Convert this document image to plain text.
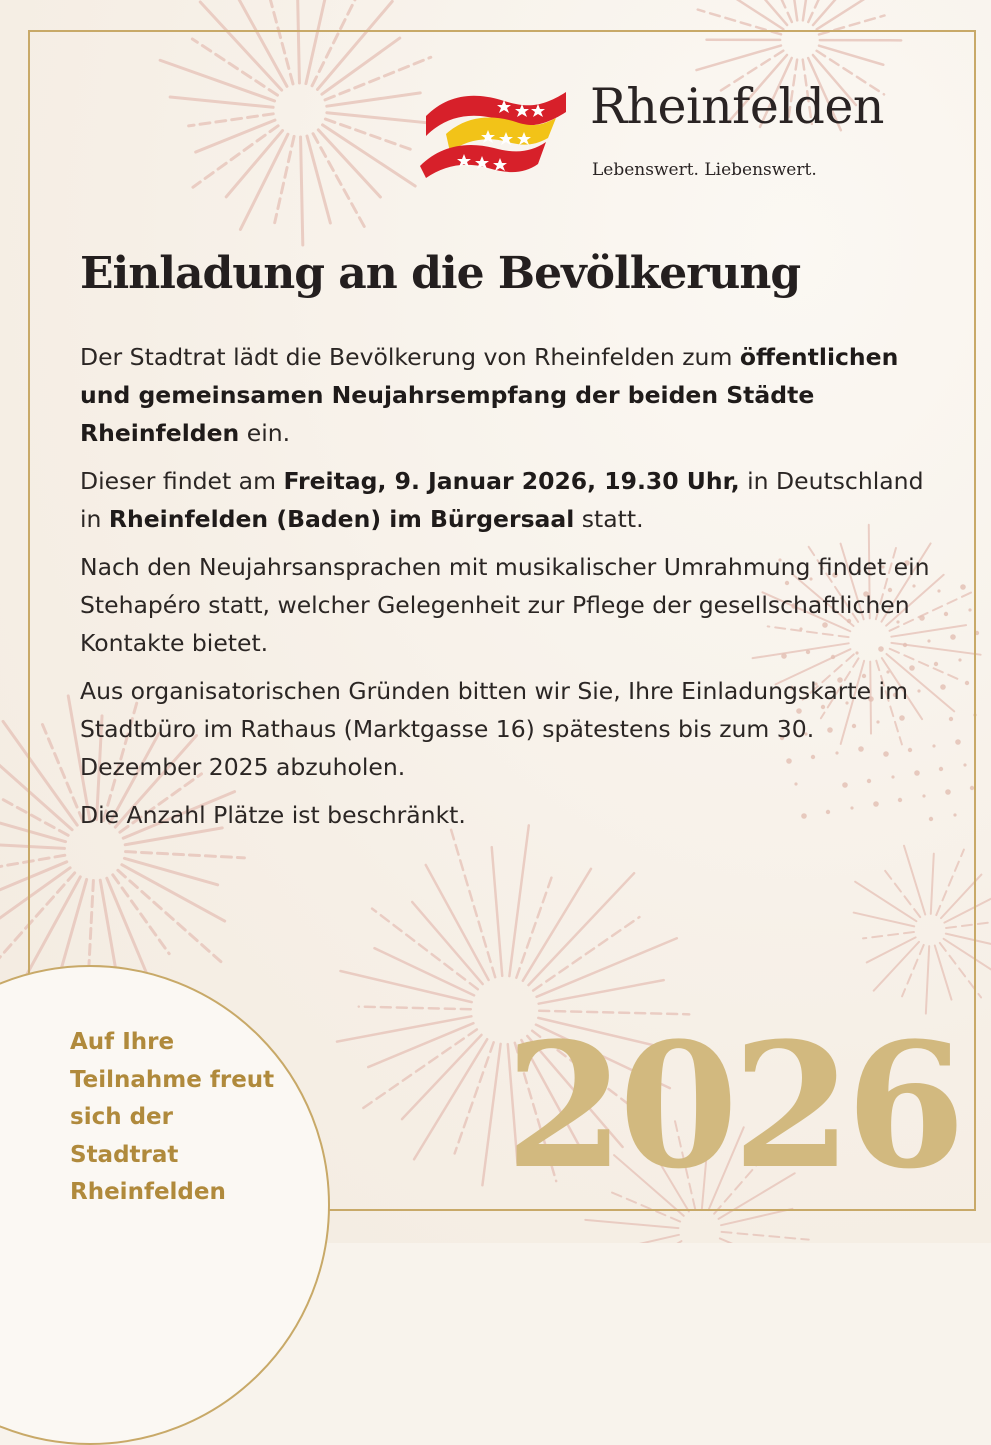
Rheinfelden
Lebenswert. Liebenswert.
Einladung an die Bevölkerung

Der Stadtrat lädt die Bevölkerung von Rheinfelden zum öffentlichen und gemeinsamen Neujahrsempfang der beiden Städte Rheinfelden ein.

Dieser findet am Freitag, 9. Januar 2026, 19.30 Uhr, in Deutschland in Rheinfelden (Baden) im Bürgersaal statt.

Nach den Neujahrsansprachen mit musikalischer Umrahmung findet ein Stehapéro statt, welcher Gelegenheit zur Pflege der gesellschaftlichen Kontakte bietet.

Aus organisatorischen Gründen bitten wir Sie, Ihre Einladungskarte im Stadtbüro im Rathaus (Marktgasse 16) spätestens bis zum 30. Dezember 2025 abzuholen.

Die Anzahl Plätze ist beschränkt.

Auf Ihre
Teilnahme freut
sich der
Stadtrat
Rheinfelden	2026
